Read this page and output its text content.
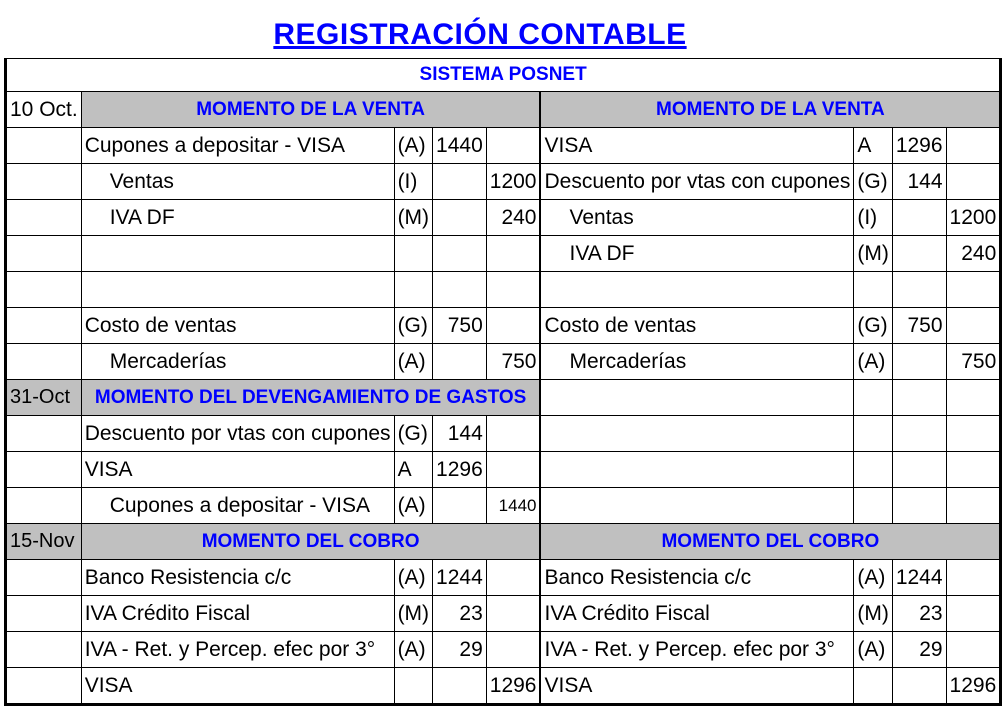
REGISTRACIÓN CONTABLE
SISTEMA POSNET								
10 Oct.	MOMENTO DE LA VENTA				MOMENTO DE LA VENTA			
	Cupones a depositar - VISA	(A)	1440			VISA	A	1296	
	Ventas	(I)		1200		Descuento por vtas con cupones	(G)	144	
	IVA DF	(M)		240		Ventas	(I)		1200
						IVA DF	(M)		240

	Costo de ventas	(G)	750			Costo de ventas	(G)	750	
	Mercaderías	(A)		750		Mercaderías	(A)		750
31-Oct	MOMENTO DEL DEVENGAMIENTO DE GASTOS							
	Descuento por vtas con cupones	(G)	144						
	VISA	A	1296						
	Cupones a depositar - VISA	(A)		1440					
15-Nov	MOMENTO DEL COBRO				MOMENTO DEL COBRO			
	Banco Resistencia c/c	(A)	1244			Banco Resistencia c/c	(A)	1244	
	IVA Crédito Fiscal	(M)	23			IVA Crédito Fiscal	(M)	23	
	IVA - Ret. y Percep. efec por 3°	(A)	29			IVA - Ret. y Percep. efec por 3°	(A)	29	
	VISA			1296		VISA			1296
